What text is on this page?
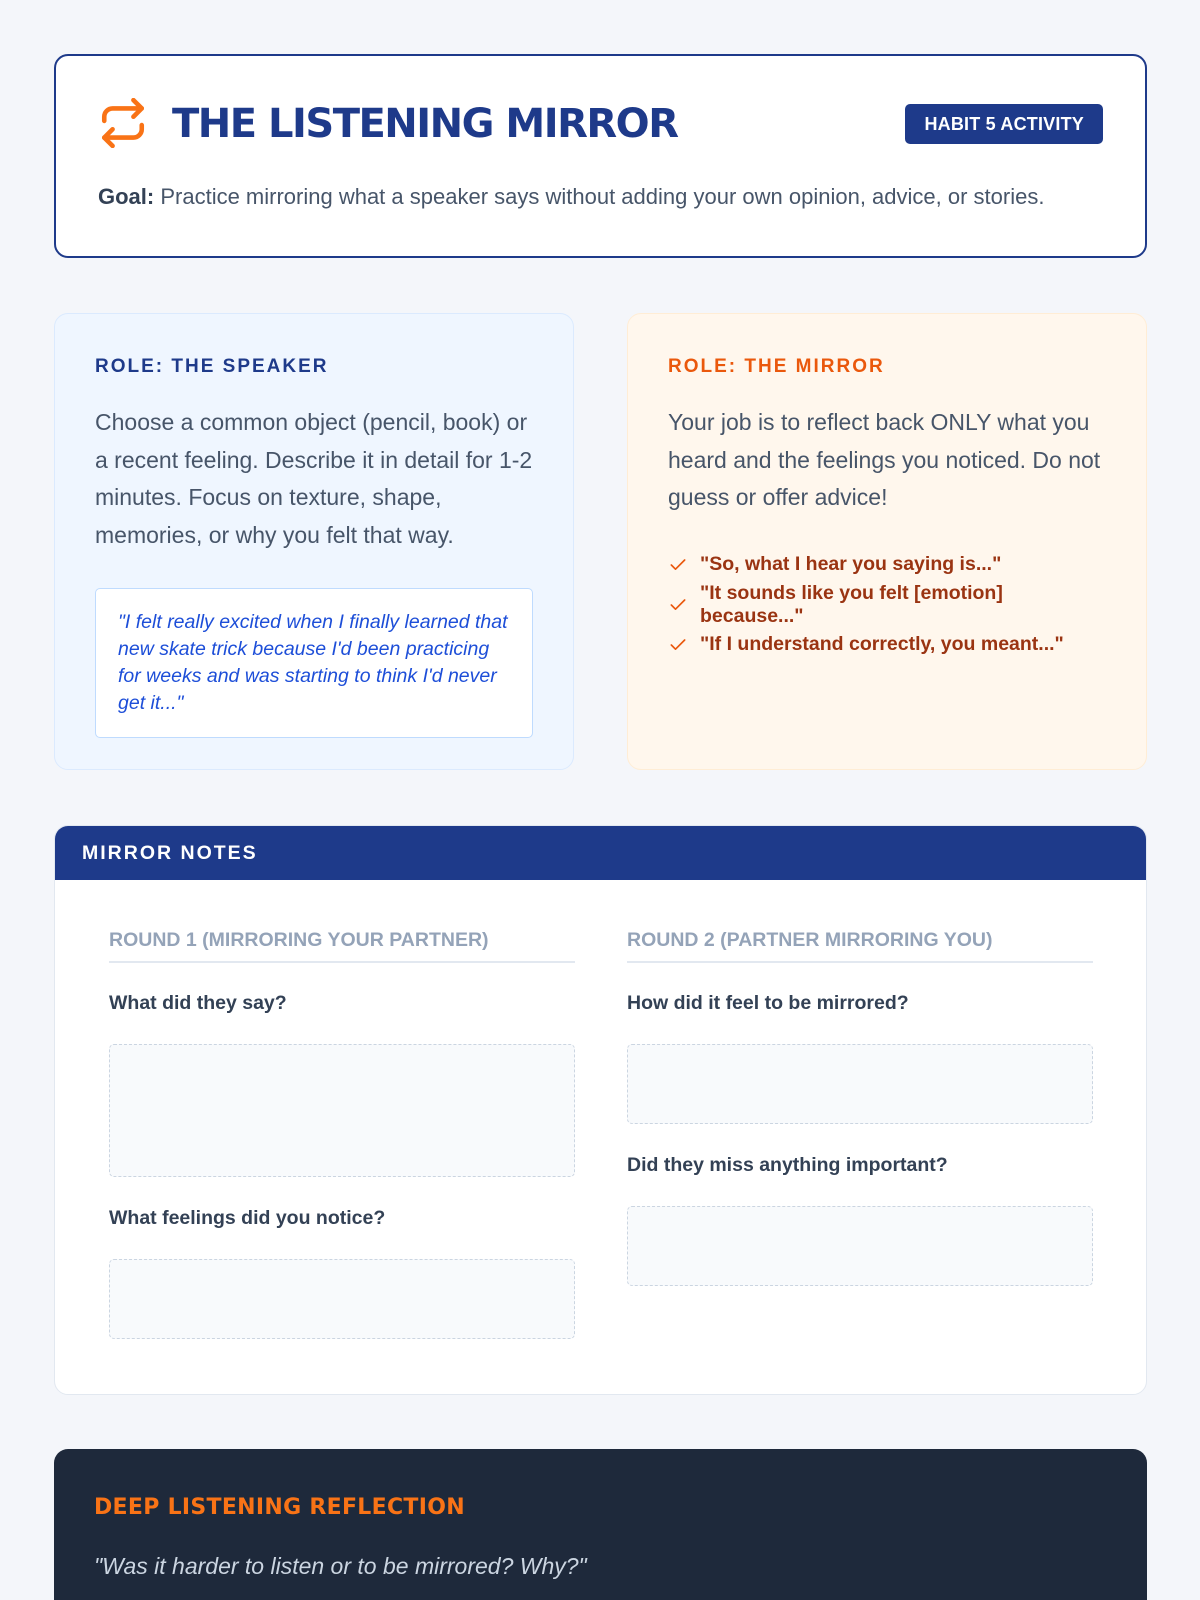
THE LISTENING MIRROR	HABIT 5 ACTIVITY

Goal: Practice mirroring what a speaker says without adding your own opinion, advice, or stories.

ROLE: THE SPEAKER

Choose a common object (pencil, book) or a recent feeling. Describe it in detail for 1-2 minutes. Focus on texture, shape, memories, or why you felt that way.

"I felt really excited when I finally learned that new skate trick because I'd been practicing for weeks and was starting to think I'd never get it..."
ROLE: THE MIRROR

Your job is to reflect back ONLY what you heard and the feelings you noticed. Do not guess or offer advice!

"So, what I hear you saying is..."
"It sounds like you felt [emotion] because..."
"If I understand correctly, you meant..."
MIRROR NOTES
ROUND 1 (MIRRORING YOUR PARTNER)
What did they say?
What feelings did you notice?
ROUND 2 (PARTNER MIRRORING YOU)
How did it feel to be mirrored?
Did they miss anything important?
DEEP LISTENING REFLECTION

"Was it harder to listen or to be mirrored? Why?"
